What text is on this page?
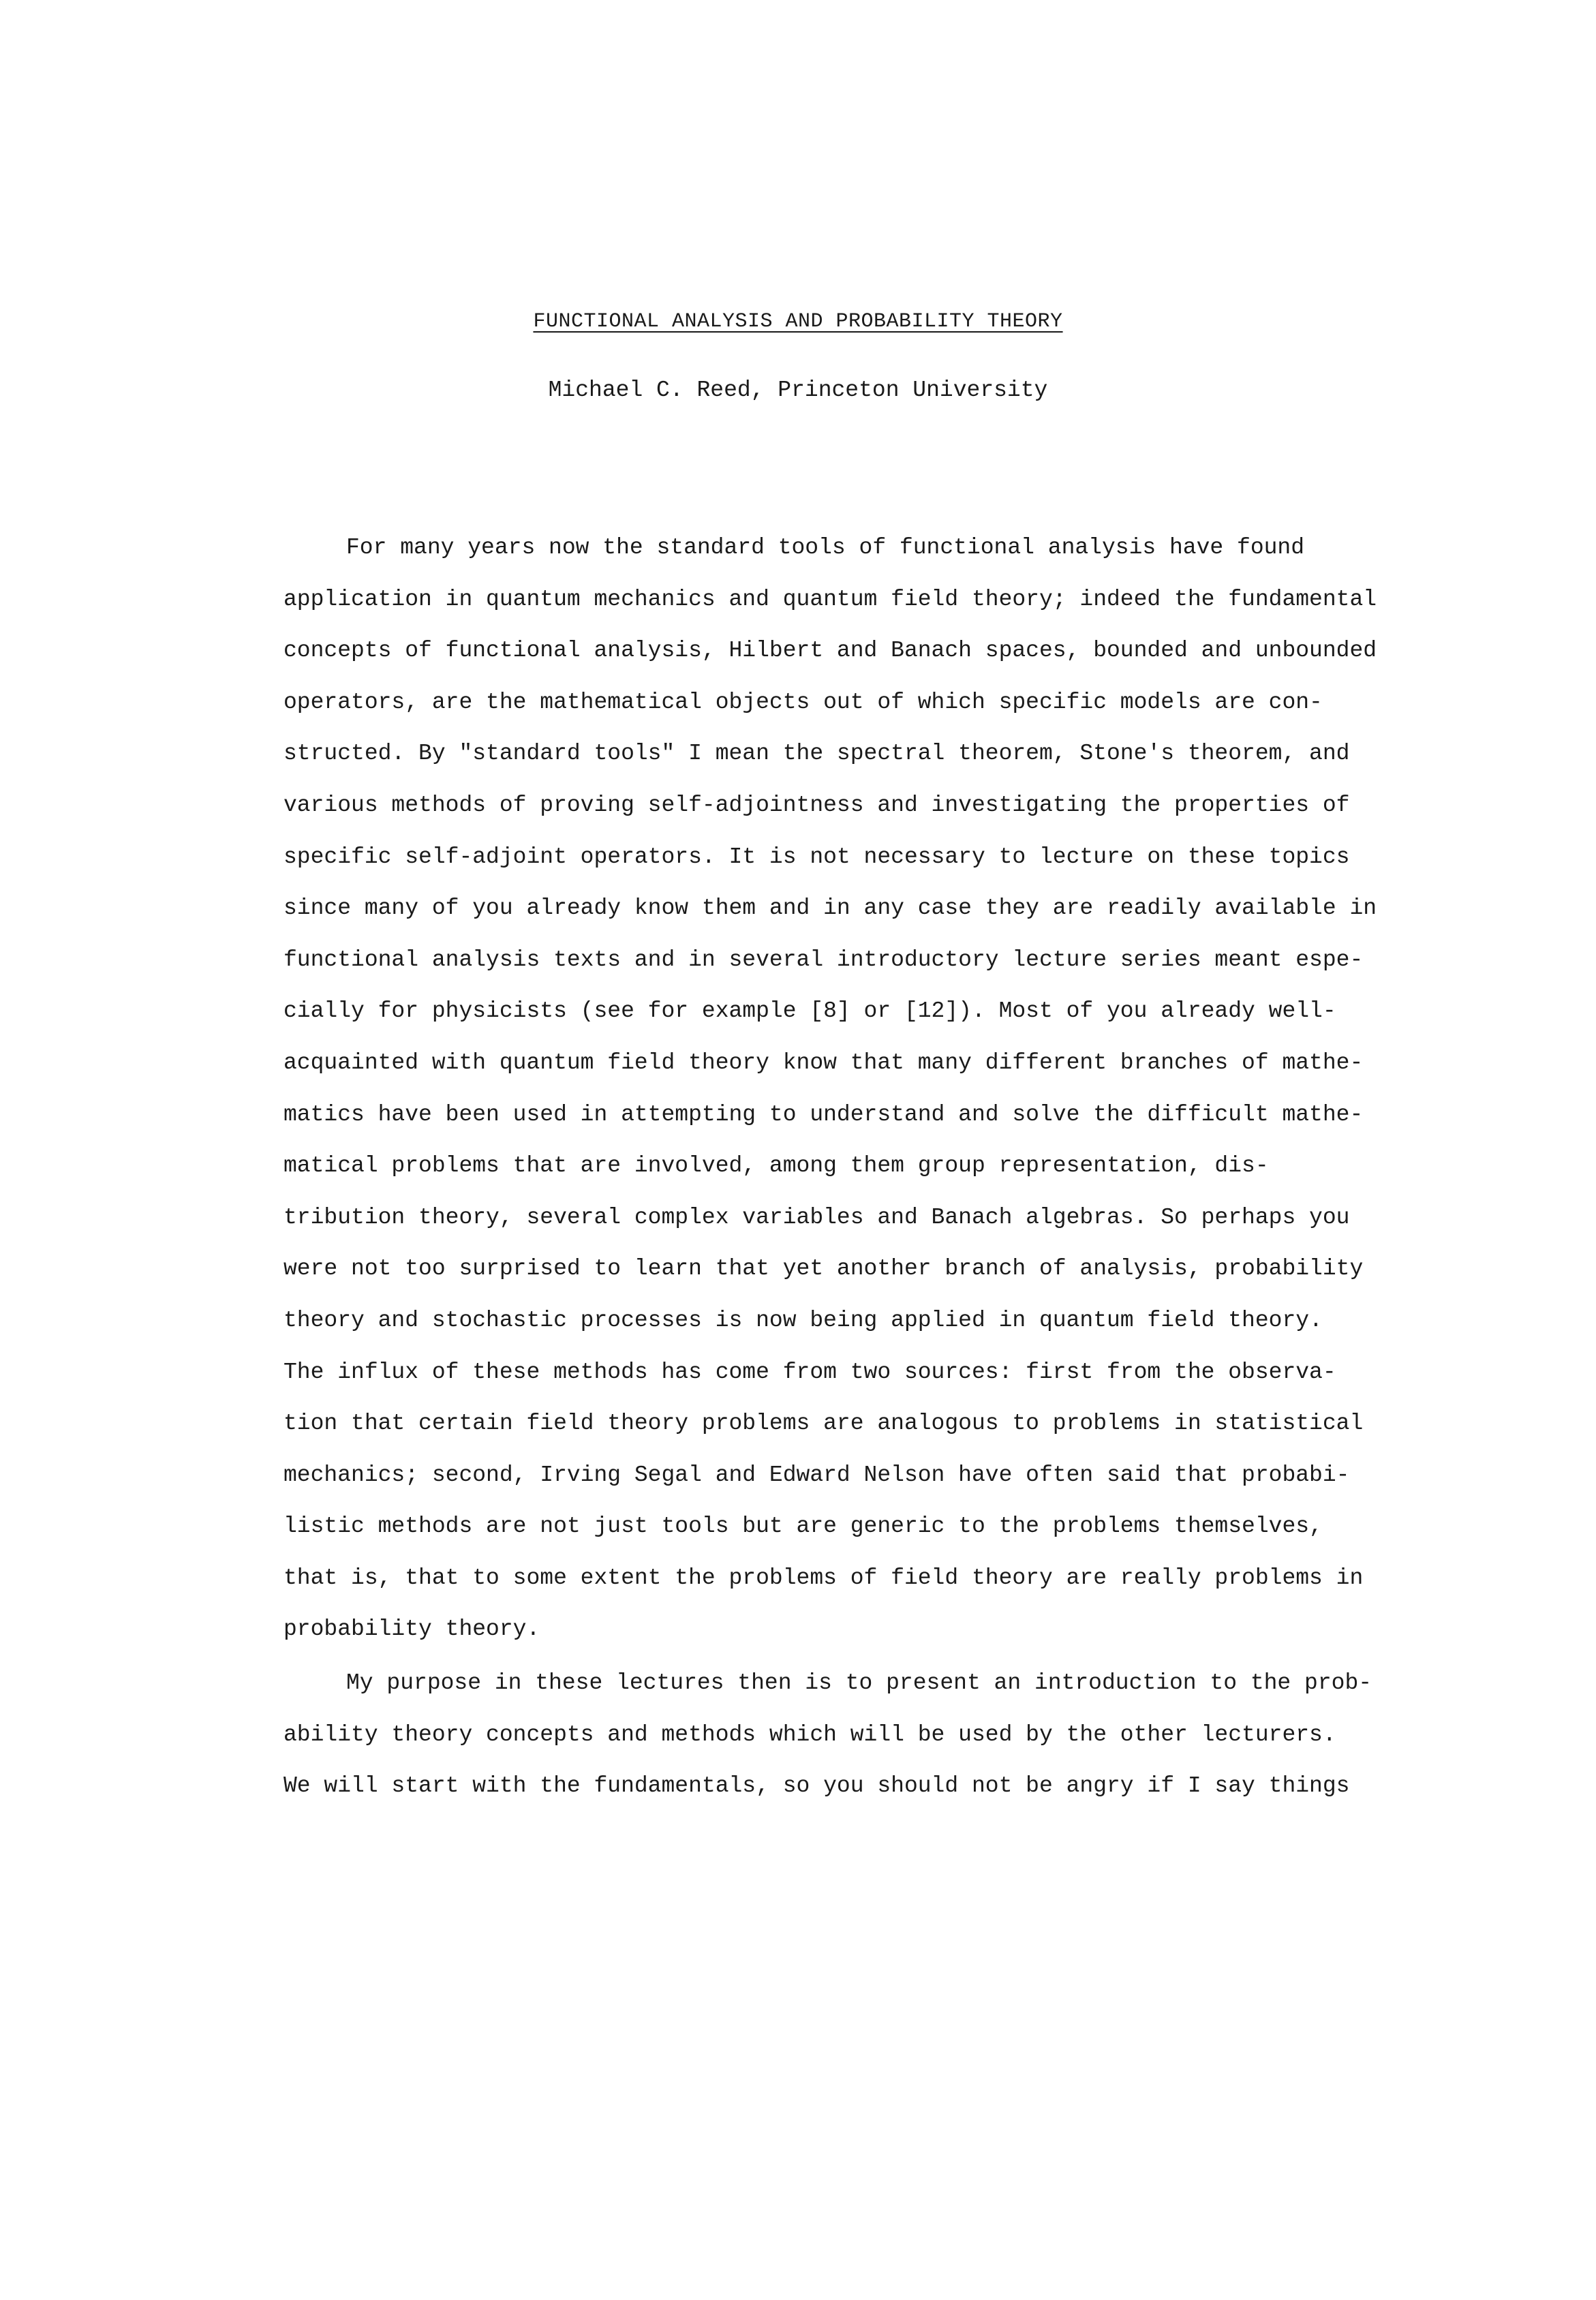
FUNCTIONAL ANALYSIS AND PROBABILITY THEORY
Michael C. Reed, Princeton University
For many years now the standard tools of functional analysis have found
application in quantum mechanics and quantum field theory; indeed the fundamental
concepts of functional analysis, Hilbert and Banach spaces, bounded and unbounded
operators, are the mathematical objects out of which specific models are con-
structed. By "standard tools" I mean the spectral theorem, Stone's theorem, and
various methods of proving self-adjointness and investigating the properties of
specific self-adjoint operators. It is not necessary to lecture on these topics
since many of you already know them and in any case they are readily available in
functional analysis texts and in several introductory lecture series meant espe-
cially for physicists (see for example [8] or [12]). Most of you already well-
acquainted with quantum field theory know that many different branches of mathe-
matics have been used in attempting to understand and solve the difficult mathe-
matical problems that are involved, among them group representation, dis-
tribution theory, several complex variables and Banach algebras. So perhaps you
were not too surprised to learn that yet another branch of analysis, probability
theory and stochastic processes is now being applied in quantum field theory.
The influx of these methods has come from two sources: first from the observa-
tion that certain field theory problems are analogous to problems in statistical
mechanics; second, Irving Segal and Edward Nelson have often said that probabi-
listic methods are not just tools but are generic to the problems themselves,
that is, that to some extent the problems of field theory are really problems in
probability theory.
My purpose in these lectures then is to present an introduction to the prob-
ability theory concepts and methods which will be used by the other lecturers.
We will start with the fundamentals, so you should not be angry if I say things
